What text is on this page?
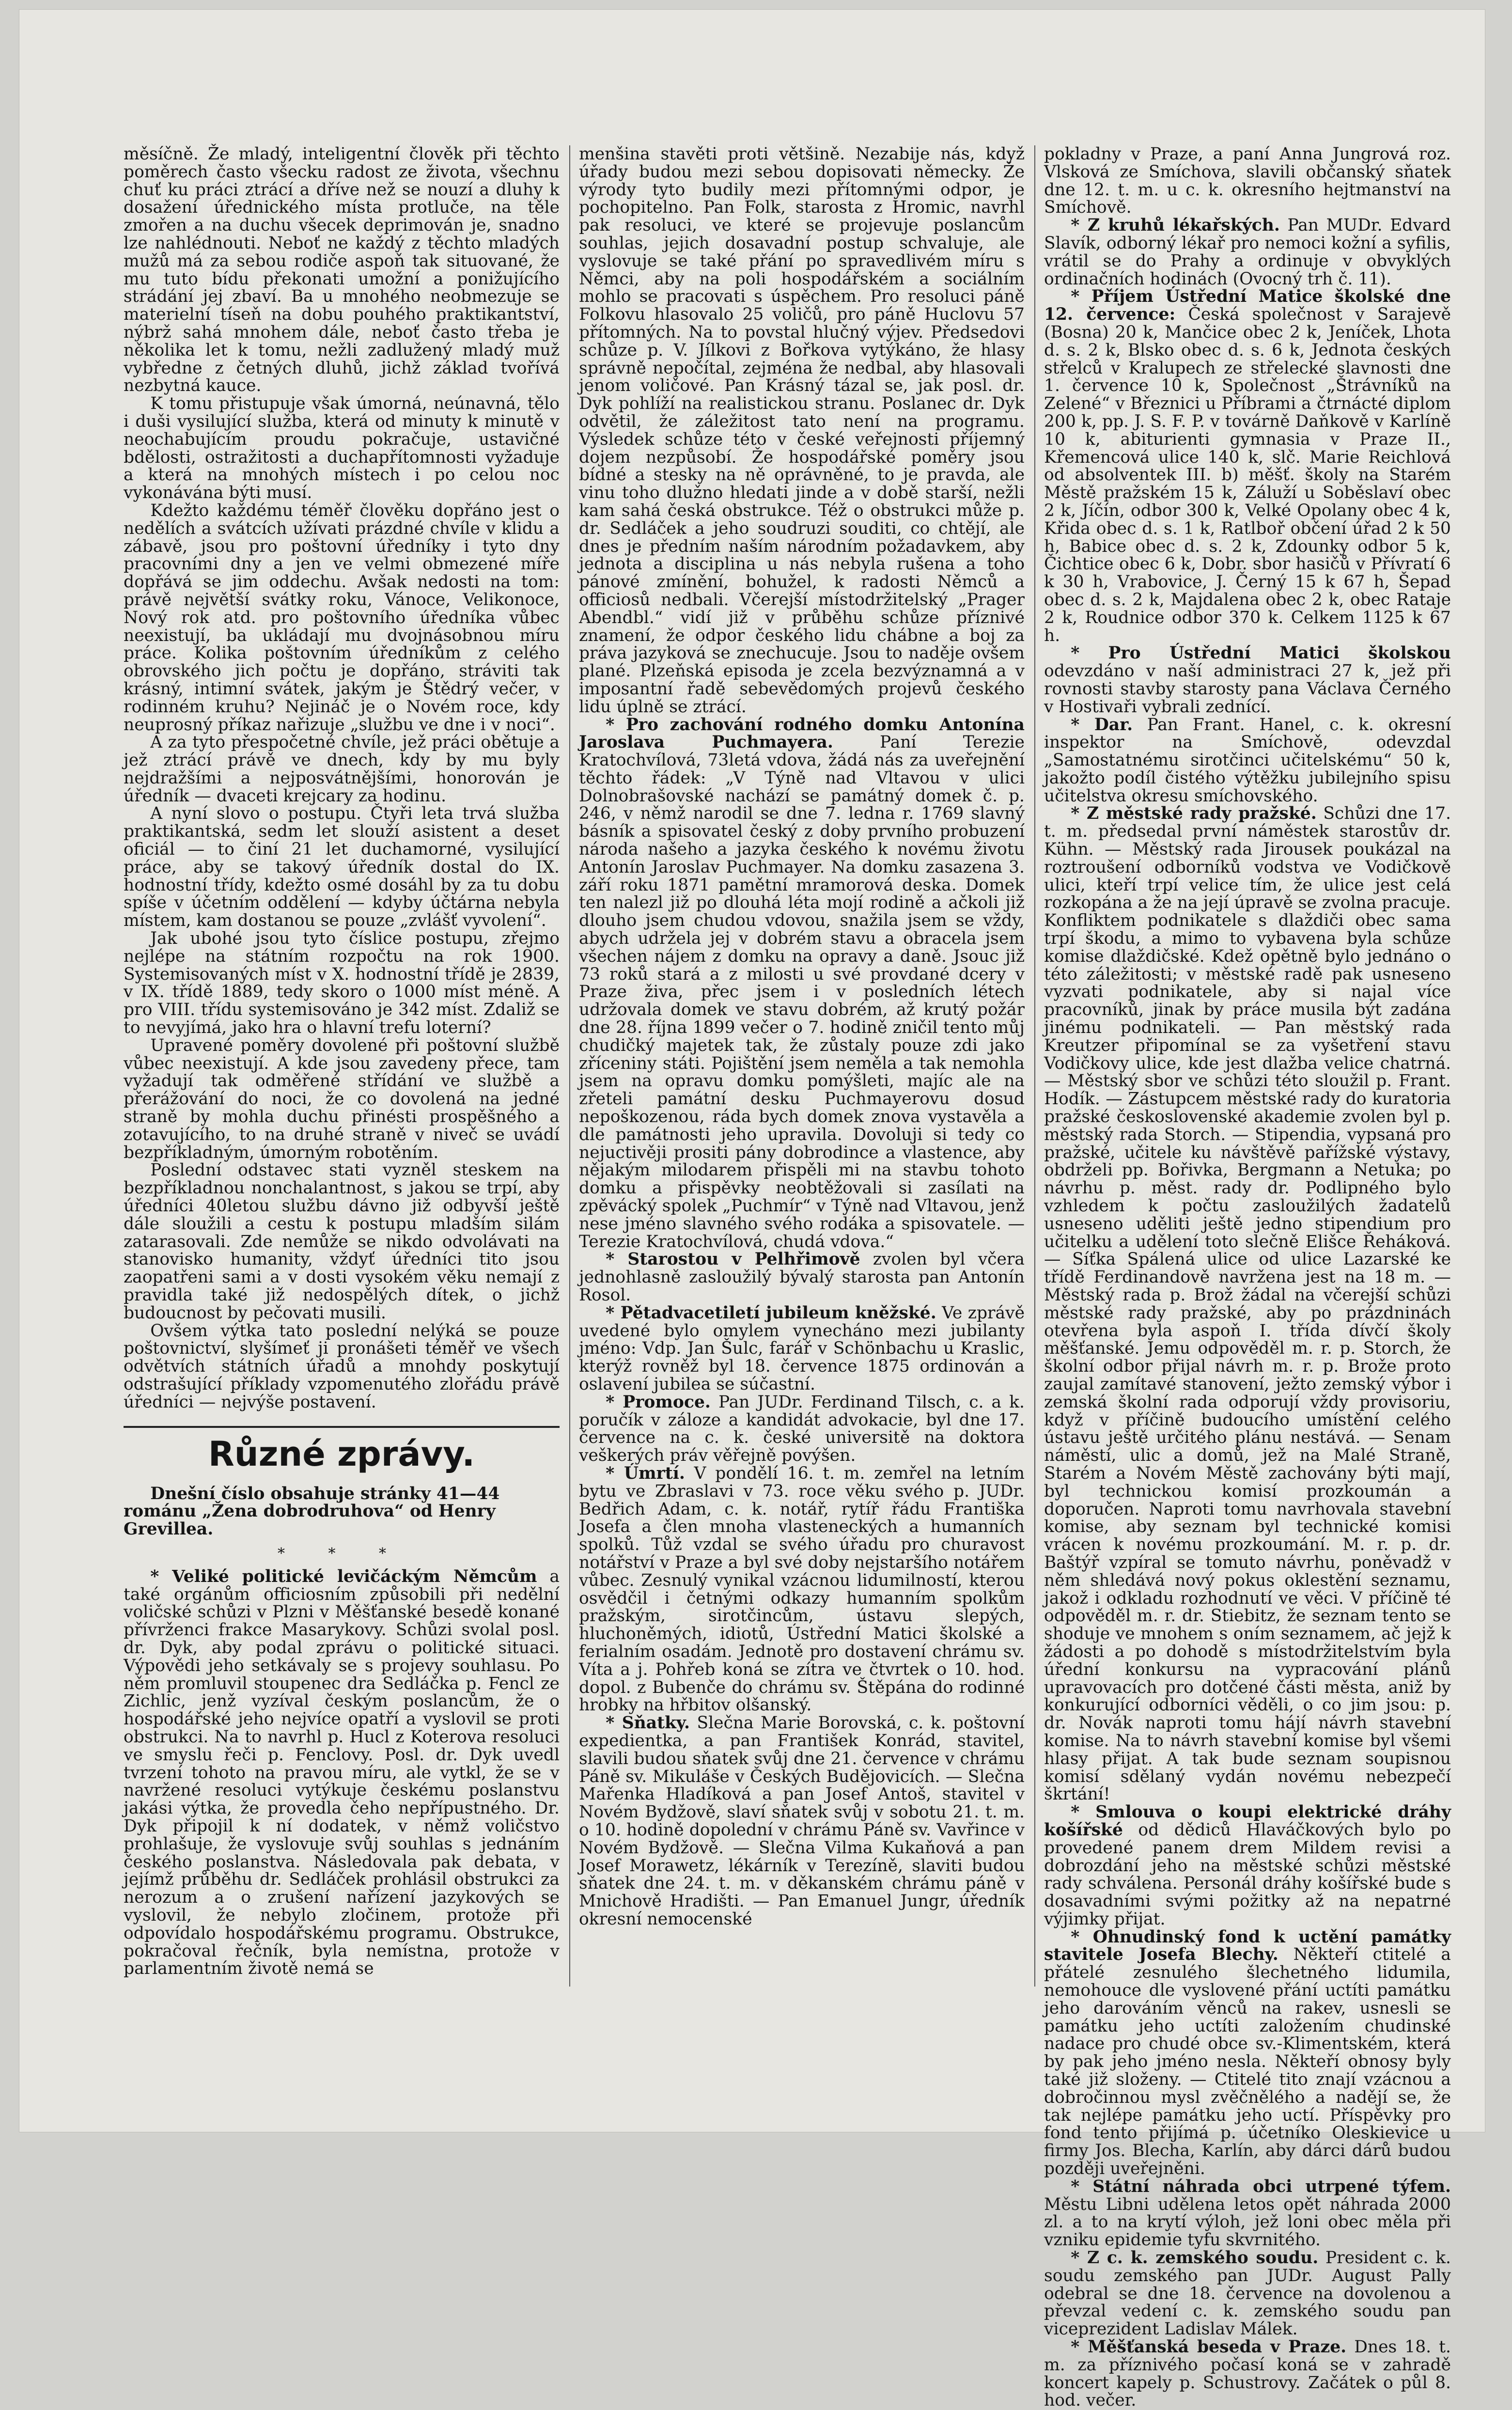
měsíčně. Že mladý, inteligentní člověk při těchto poměrech často všecku radost ze života, všechnu chuť ku práci ztrácí a dříve než se nouzí a dluhy k dosažení úřednického místa protluče, na těle zmořen a na duchu všecek deprimován je, snadno lze nahlédnouti. Neboť ne každý z těchto mladých mužů má za sebou rodiče aspoň tak situované, že mu tuto bídu překonati umožní a ponižujícího strádání jej zbaví. Ba u mnohého neobmezuje se materielní tíseň na dobu pouhého praktikantství, nýbrž sahá mnohem dále, neboť často třeba je několika let k tomu, nežli zadlužený mladý muž vybředne z četných dluhů, jichž základ tvořívá nezbytná kauce.

K tomu přistupuje však úmorná, neúnavná, tělo i duši vysilující služba, která od minuty k minutě v neochabujícím proudu pokračuje, ustavičné bdělosti, ostražitosti a duchapřítomnosti vyžaduje a která na mnohých místech i po celou noc vykonávána býti musí.

Kdežto každému téměř člověku dopřáno jest o nedělích a svátcích užívati prázdné chvíle v klidu a zábavě, jsou pro poštovní úředníky i tyto dny pracovními dny a jen ve velmi obmezené míře dopřává se jim oddechu. Avšak nedosti na tom: právě největší svátky roku, Vánoce, Velikonoce, Nový rok atd. pro poštovního úředníka vůbec neexistují, ba ukládají mu dvojnásobnou míru práce. Kolika poštovním úředníkům z celého obrovského jich počtu je dopřáno, stráviti tak krásný, intimní svátek, jakým je Štědrý večer, v rodinném kruhu? Nejináč je o Novém roce, kdy neuprosný příkaz nařizuje „službu ve dne i v noci“.

A za tyto přespočetné chvíle, jež práci obětuje a jež ztrácí právě ve dnech, kdy by mu byly nejdražšími a nejposvátnějšími, honorován je úředník — dvaceti krejcary za hodinu.

A nyní slovo o postupu. Čtyři leta trvá služba praktikantská, sedm let slouží asistent a deset oficiál — to činí 21 let duchamorné, vysilující práce, aby se takový úředník dostal do IX. hodnostní třídy, kdežto osmé dosáhl by za tu dobu spíše v účetním oddělení — kdyby účtárna nebyla místem, kam dostanou se pouze „zvlášť vyvolení“.

Jak ubohé jsou tyto číslice postupu, zřejmo nejlépe na státním rozpočtu na rok 1900. Systemisovaných míst v X. hodnostní třídě je 2839, v IX. třídě 1889, tedy skoro o 1000 míst méně. A pro VIII. třídu systemisováno je 342 míst. Zdaliž se to nevyjímá, jako hra o hlavní trefu loterní?

Upravené poměry dovolené při poštovní službě vůbec neexistují. A kde jsou zavedeny přece, tam vyžadují tak odměřené střídání ve službě a přerážování do noci, že co dovolená na jedné straně by mohla duchu přinésti prospěšného a zotavujícího, to na druhé straně v niveč se uvádí bezpříkladným, úmorným robotěním.

Poslední odstavec stati vyzněl steskem na bezpříkladnou nonchalantnost, s jakou se trpí, aby úředníci 40letou službu dávno již odbyvší ještě dále sloužili a cestu k postupu mladším silám zatarasovali. Zde nemůže se nikdo odvolávati na stanovisko humanity, vždyť úředníci tito jsou zaopatřeni sami a v dosti vysokém věku nemají z pravidla také již nedospělých dítek, o jichž budoucnost by pečovati musili.

Ovšem výtka tato poslední nelýká se pouze poštovnictví, slyšímeť ji pronášeti téměř ve všech odvětvích státních úřadů a mnohdy poskytují odstrašující příklady vzpomenutého zlořádu právě úředníci — nejvýše postavení.

Různé zprávy.

Dnešní číslo obsahuje stránky 41—44 románu „Žena dobrodruhova“ od Henry Grevillea.

* * *

* Veliké politické levičáckým Němcům a také orgánům officiosním způsobili při nedělní voličské schůzi v Plzni v Měšťanské besedě konané přívrženci frakce Masarykovy. Schůzi svolal posl. dr. Dyk, aby podal zprávu o politické situaci. Výpovědi jeho setkávaly se s projevy souhlasu. Po něm promluvil stoupenec dra Sedláčka p. Fencl ze Zichlic, jenž vyzíval českým poslancům, že o hospodářské jeho nejvíce opatří a vyslovil se proti obstrukci. Na to navrhl p. Hucl z Koterova resoluci ve smyslu řeči p. Fenclovy. Posl. dr. Dyk uvedl tvrzení tohoto na pravou míru, ale vytkl, že se v navržené resoluci vytýkuje českému poslanstvu jakási výtka, že provedla čeho nepřípustného. Dr. Dyk připojil k ní dodatek, v němž voličstvo prohlašuje, že vyslovuje svůj souhlas s jednáním českého poslanstva. Následovala pak debata, v jejímž průběhu dr. Sedláček prohlásil obstrukci za nerozum a o zrušení nařízení jazykových se vyslovil, že nebylo zločinem, protože při odpovídalo hospodářskému programu. Obstrukce, pokračoval řečník, byla nemístna, protože v parlamentním životě nemá se

menšina stavěti proti většině. Nezabije nás, když úřady budou mezi sebou dopisovati německy. Že výrody tyto budily mezi přítomnými odpor, je pochopitelno. Pan Folk, starosta z Hromic, navrhl pak resoluci, ve které se projevuje poslancům souhlas, jejich dosavadní postup schvaluje, ale vyslovuje se také přání po spravedlivém míru s Němci, aby na poli hospodářském a sociálním mohlo se pracovati s úspěchem. Pro resoluci páně Folkovu hlasovalo 25 voličů, pro páně Huclovu 57 přítomných. Na to povstal hlučný výjev. Předsedovi schůze p. V. Jílkovi z Bořkova vytýkáno, že hlasy správně nepočítal, zejména že nedbal, aby hlasovali jenom voličové. Pan Krásný tázal se, jak posl. dr. Dyk pohlíží na realistickou stranu. Poslanec dr. Dyk odvětil, že záležitost tato není na programu. Výsledek schůze této v české veřejnosti příjemný dojem nezpůsobí. Že hospodářské poměry jsou bídné a stesky na ně oprávněné, to je pravda, ale vinu toho dlužno hledati jinde a v době starší, nežli kam sahá česká obstrukce. Též o obstrukci může p. dr. Sedláček a jeho soudruzi souditi, co chtějí, ale dnes je předním naším národním požadavkem, aby jednota a disciplina u nás nebyla rušena a toho pánové zmínění, bohužel, k radosti Němců a officiosů nedbali. Včerejší místodržitelský „Prager Abendbl.“ vidí již v průběhu schůze příznivé znamení, že odpor českého lidu chábne a boj za práva jazyková se znechucuje. Jsou to naděje ovšem plané. Plzeňská episoda je zcela bezvýznamná a v imposantní řadě sebevědomých projevů českého lidu úplně se ztrácí.

* Pro zachování rodného domku Antonína Jaroslava Puchmayera. Paní Terezie Kratochvílová, 73letá vdova, žádá nás za uveřejnění těchto řádek: „V Týně nad Vltavou v ulici Dolnobrašovské nachází se památný domek č. p. 246, v němž narodil se dne 7. ledna r. 1769 slavný básník a spisovatel český z doby prvního probuzení národa našeho a jazyka českého k novému životu Antonín Jaroslav Puchmayer. Na domku zasazena 3. září roku 1871 pamětní mramorová deska. Domek ten nalezl již po dlouhá léta mojí rodině a ačkoli již dlouho jsem chudou vdovou, snažila jsem se vždy, abych udržela jej v dobrém stavu a obracela jsem všechen nájem z domku na opravy a daně. Jsouc již 73 roků stará a z milosti u své provdané dcery v Praze živa, přec jsem i v posledních létech udržovala domek ve stavu dobrém, až krutý požár dne 28. října 1899 večer o 7. hodině zničil tento můj chudičký majetek tak, že zůstaly pouze zdi jako zříceniny státi. Pojištění jsem neměla a tak nemohla jsem na opravu domku pomýšleti, majíc ale na zřeteli památní desku Puchmayerovu dosud nepoškozenou, ráda bych domek znova vystavěla a dle památnosti jeho upravila. Dovoluji si tedy co nejuctivěji prositi pány dobrodince a vlastence, aby nějakým milodarem přispěli mi na stavbu tohoto domku a přispěvky neobtěžovali si zasílati na zpěvácký spolek „Puchmír“ v Týně nad Vltavou, jenž nese jméno slavného svého rodáka a spisovatele. — Terezie Kratochvílová, chudá vdova.“

* Starostou v Pelhřimově zvolen byl včera jednohlasně zasloužilý bývalý starosta pan Antonín Rosol.

* Pětadvacetiletí jubileum kněžské. Ve zprávě uvedené bylo omylem vynecháno mezi jubilanty jméno: Vdp. Jan Šulc, farář v Schönbachu u Kraslic, kterýž rovněž byl 18. července 1875 ordinován a oslavení jubilea se súčastní.

* Promoce. Pan JUDr. Ferdinand Tilsch, c. a k. poručík v záloze a kandidát advokacie, byl dne 17. července na c. k. české universitě na doktora veškerých práv věřejně povýšen.

* Úmrtí. V pondělí 16. t. m. zemřel na letním bytu ve Zbraslavi v 73. roce věku svého p. JUDr. Bedřich Adam, c. k. notář, rytíř řádu Františka Josefa a člen mnoha vlasteneckých a humanních spolků. Tůž vzdal se svého úřadu pro churavost notářství v Praze a byl své doby nejstaršího notářem vůbec. Zesnulý vynikal vzácnou lidumilností, kterou osvědčil i četnými odkazy humanním spolkům pražským, sirotčincům, ústavu slepých, hluchoněmých, idiotů, Ústřední Matici školské a ferialním osadám. Jednotě pro dostavení chrámu sv. Víta a j. Pohřeb koná se zítra ve čtvrtek o 10. hod. dopol. z Bubenče do chrámu sv. Štěpána do rodinné hrobky na hřbitov olšanský.

* Sňatky. Slečna Marie Borovská, c. k. poštovní expedientka, a pan František Konrád, stavitel, slavili budou sňatek svůj dne 21. července v chrámu Páně sv. Mikuláše v Českých Budějovicích. — Slečna Mařenka Hladíková a pan Josef Antoš, stavitel v Novém Bydžově, slaví sňatek svůj v sobotu 21. t. m. o 10. hodině dopolední v chrámu Páně sv. Vavřince v Novém Bydžově. — Slečna Vilma Kukaňová a pan Josef Morawetz, lékárník v Terezíně, slaviti budou sňatek dne 24. t. m. v děkanském chrámu páně v Mnichově Hradišti. — Pan Emanuel Jungr, úředník okresní nemocenské

pokladny v Praze, a paní Anna Jungrová roz. Vlsková ze Smíchova, slavili občanský sňatek dne 12. t. m. u c. k. okresního hejtmanství na Smíchově.

* Z kruhů lékařských. Pan MUDr. Edvard Slavík, odborný lékař pro nemoci kožní a syfilis, vrátil se do Prahy a ordinuje v obvyklých ordinačních hodinách (Ovocný trh č. 11).

* Příjem Ústřední Matice školské dne 12. července: Česká společnost v Sarajevě (Bosna) 20 k, Mančice obec 2 k, Jeníček, Lhota d. s. 2 k, Blsko obec d. s. 6 k, Jednota českých střelců v Kralupech ze střelecké slavnosti dne 1. července 10 k, Společnost „Štrávníků na Zelené“ v Březnici u Příbrami a čtrnácté diplom 200 k, pp. J. S. F. P. v továrně Daňkově v Karlíně 10 k, abiturienti gymnasia v Praze II., Křemencová ulice 140 k, slč. Marie Reichlová od absolventek III. b) měšť. školy na Starém Městě pražském 15 k, Záluží u Soběslaví obec 2 k, Jíčín, odbor 300 k, Velké Opolany obec 4 k, Křida obec d. s. 1 k, Ratlboř občení úřad 2 k 50 h, Babice obec d. s. 2 k, Zdounky odbor 5 k, Čichtice obec 6 k, Dobr. sbor hasičů v Přívratí 6 k 30 h, Vrabovice, J. Černý 15 k 67 h, Šepad obec d. s. 2 k, Majdalena obec 2 k, obec Rataje 2 k, Roudnice odbor 370 k. Celkem 1125 k 67 h.

* Pro Ústřední Matici školskou odevzdáno v naší administraci 27 k, jež při rovnosti stavby starosty pana Václava Černého v Hostivaři vybrali zednící.

* Dar. Pan Frant. Hanel, c. k. okresní inspektor na Smíchově, odevzdal „Samostatnému sirotčinci učitelskému“ 50 k, jakožto podíl čistého výtěžku jubilejního spisu učitelstva okresu smíchovského.

* Z městské rady pražské. Schůzi dne 17. t. m. předsedal první náměstek starostův dr. Kühn. — Městský rada Jirousek poukázal na roztroušení odborníků vodstva ve Vodičkově ulici, kteří trpí velice tím, že ulice jest celá rozkopána a že na její úpravě se zvolna pracuje. Konfliktem podnikatele s dlaždiči obec sama trpí škodu, a mimo to vybavena byla schůze komise dlaždičské. Kdež opětně bylo jednáno o této záležitosti; v městské radě pak usneseno vyzvati podnikatele, aby si najal více pracovníků, jinak by práce musila být zadána jinému podnikateli. — Pan městský rada Kreutzer připomínal se za vyšetření stavu Vodičkovy ulice, kde jest dlažba velice chatrná. — Městský sbor ve schůzi této sloužil p. Frant. Hodík. — Zástupcem městské rady do kuratoria pražské československé akademie zvolen byl p. městský rada Storch. — Stipendia, vypsaná pro pražské, učitele ku návštěvě pařížské výstavy, obdrželi pp. Bořivka, Bergmann a Netuka; po návrhu p. měst. rady dr. Podlipného bylo vzhledem k počtu zasloužilých žadatelů usneseno uděliti ještě jedno stipendium pro učitelku a udělení toto slečně Elišce Řeháková. — Síťka Spálená ulice od ulice Lazarské ke třídě Ferdinandově navržena jest na 18 m. — Městský rada p. Brož žádal na včerejší schůzi městské rady pražské, aby po prázdninách otevřena byla aspoň I. třída dívčí školy měšťanské. Jemu odpověděl m. r. p. Storch, že školní odbor přijal návrh m. r. p. Brože proto zaujal zamítavé stanovení, ježto zemský výbor i zemská školní rada odporují vždy provisoriu, když v příčině budoucího umístění celého ústavu ještě určitého plánu nestává. — Senam náměstí, ulic a domů, jež na Malé Straně, Starém a Novém Městě zachovány býti mají, byl technickou komisí prozkoumán a doporučen. Naproti tomu navrhovala stavební komise, aby seznam byl technické komisi vrácen k novému prozkoumání. M. r. p. dr. Baštýř vzpíral se tomuto návrhu, poněvadž v něm shledává nový pokus oklestění seznamu, jakož i odkladu rozhodnutí ve věci. V příčině té odpověděl m. r. dr. Stiebitz, že seznam tento se shoduje ve mnohem s oním seznamem, ač jejž k žádosti a po dohodě s místodržitelstvím byla úřední konkursu na vypracování plánů upravovacích pro dotčené části města, aniž by konkurující odborníci věděli, o co jim jsou: p. dr. Novák naproti tomu hájí návrh stavební komise. Na to návrh stavební komise byl všemi hlasy přijat. A tak bude seznam soupisnou komisí sdělaný vydán novému nebezpečí škrtání!

* Smlouva o koupi elektrické dráhy košířské od dědiců Hlaváčkových bylo po provedené panem drem Mildem revisi a dobrozdání jeho na městské schůzi městské rady schválena. Personál dráhy košířské bude s dosavadními svými požitky až na nepatrné výjimky přijat.

* Ohnudinský fond k uctění památky stavitele Josefa Blechy. Někteří ctitelé a přátelé zesnulého šlechetného lidumila, nemohouce dle vyslovené přání uctíti památku jeho darováním věnců na rakev, usnesli se památku jeho uctíti založením chudinské nadace pro chudé obce sv.-Klimentském, která by pak jeho jméno nesla. Někteří obnosy byly také již složeny. — Ctitelé tito znají vzácnou a dobročinnou mysl zvěčnělého a nadějí se, že tak nejlépe památku jeho uctí. Příspěvky pro fond tento přijímá p. účetníko Oleskievice u firmy Jos. Blecha, Karlín, aby dárci dárů budou později uveřejněni.

* Státní náhrada obci utrpené týfem. Městu Libni udělena letos opět náhrada 2000 zl. a to na krytí výloh, jež loni obec měla při vzniku epidemie tyfu skvrnitého.

* Z c. k. zemského soudu. President c. k. soudu zemského pan JUDr. August Pally odebral se dne 18. července na dovolenou a převzal vedení c. k. zemského soudu pan viceprezident Ladislav Málek.

* Měšťanská beseda v Praze. Dnes 18. t. m. za příznivého počasí koná se v zahradě koncert kapely p. Schustrovy. Začátek o půl 8. hod. večer.
